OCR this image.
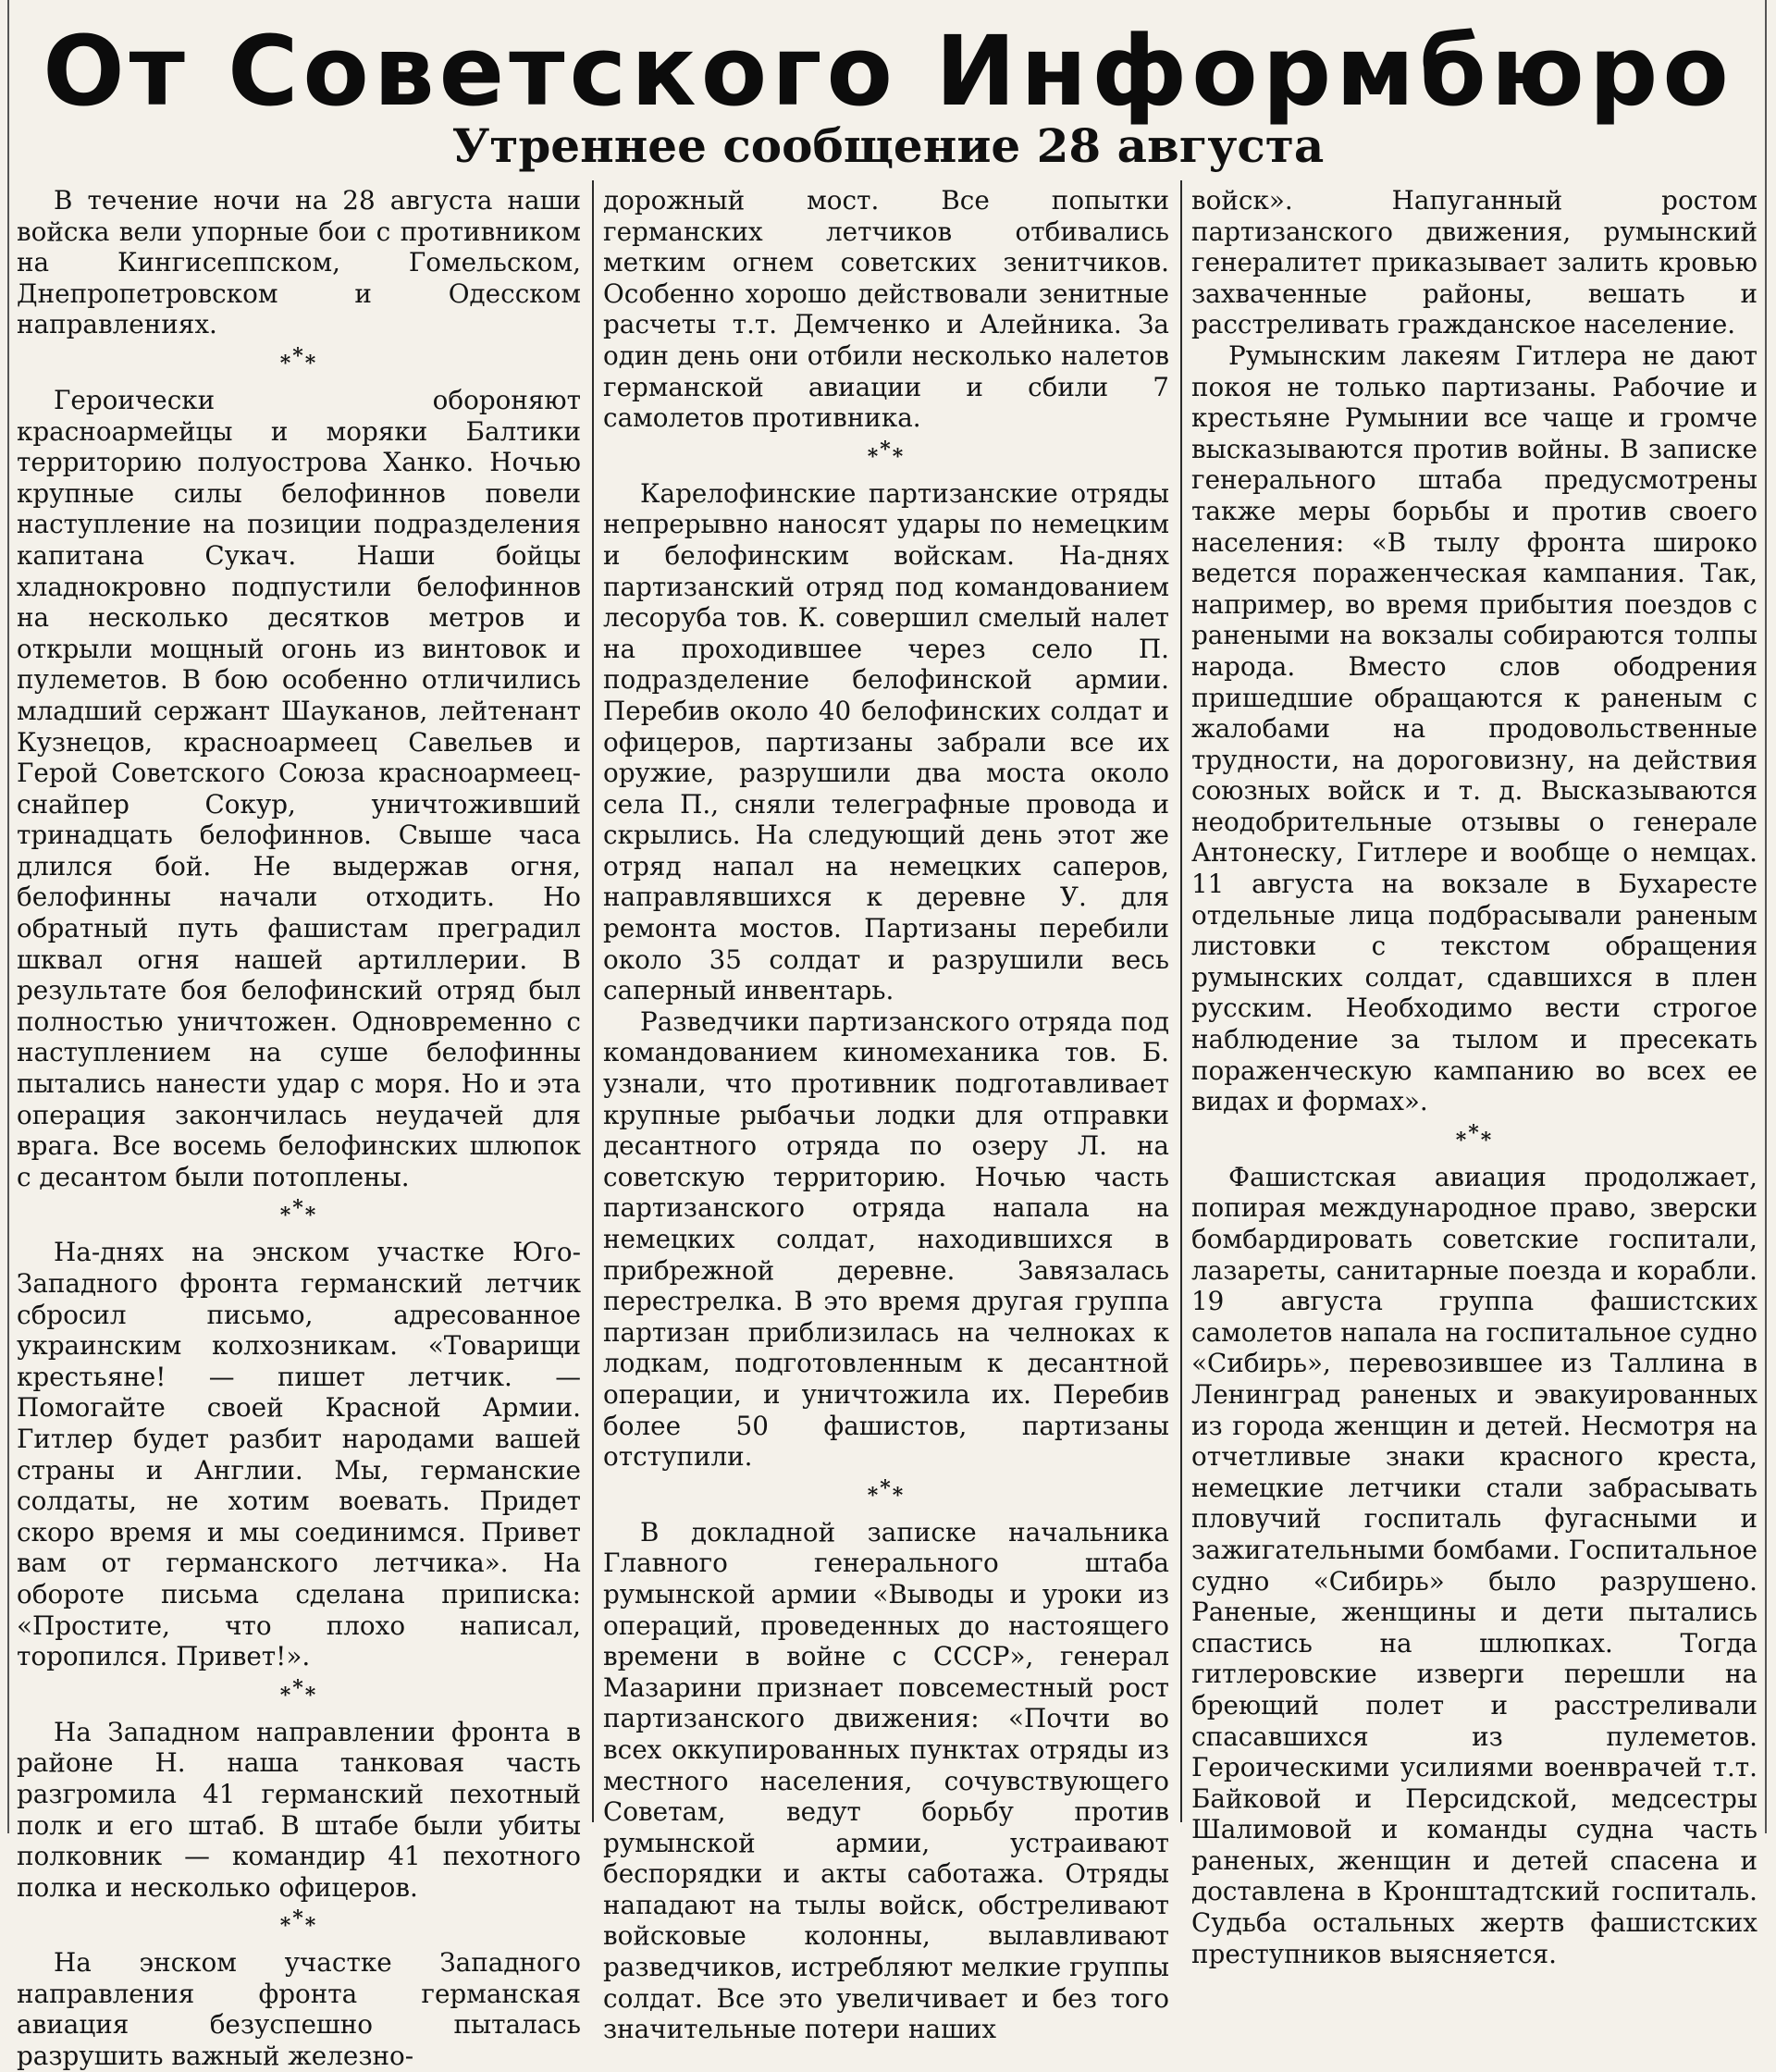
От Советского Информбюро
Утреннее сообщение 28 августа

В течение ночи на 28 августа наши войска вели упорные бои с противником на Кингисеппском, Гомельском, Днепропетровском и Одесском направлениях.

***

Героически обороняют красноармейцы и моряки Балтики территорию полуострова Ханко. Ночью крупные силы белофиннов повели наступление на позиции подразделения капитана Сукач. Наши бойцы хладнокровно подпустили белофиннов на несколько десятков метров и открыли мощный огонь из винтовок и пулеметов. В бою особенно отличились младший сержант Шауканов, лейтенант Кузнецов, красноармеец Савельев и Герой Советского Союза красноармеец-снайпер Сокур, уничтоживший тринадцать белофиннов. Свыше часа длился бой. Не выдержав огня, белофинны начали отходить. Но обратный путь фашистам преградил шквал огня нашей артиллерии. В результате боя белофинский отряд был полностью уничтожен. Одновременно с наступлением на суше белофинны пытались нанести удар с моря. Но и эта операция закончилась неудачей для врага. Все восемь белофинских шлюпок с десантом были потоплены.

***

На-днях на энском участке Юго-Западного фронта германский летчик сбросил письмо, адресованное украинским колхозникам. «Товарищи крестьяне! — пишет летчик. — Помогайте своей Красной Армии. Гитлер будет разбит народами вашей страны и Англии. Мы, германские солдаты, не хотим воевать. Придет скоро время и мы соединимся. Привет вам от германского летчика». На обороте письма сделана приписка: «Простите, что плохо написал, торопился. Привет!».

***

На Западном направлении фронта в районе Н. наша танковая часть разгромила 41 германский пехотный полк и его штаб. В штабе были убиты полковник — командир 41 пехотного полка и несколько офицеров.

***

На энском участке Западного направления фронта германская авиация безуспешно пыталась разрушить важный железно-

дорожный мост. Все попытки германских летчиков отбивались метким огнем советских зенитчиков. Особенно хорошо действовали зенитные расчеты т.т. Демченко и Алейника. За один день они отбили несколько налетов германской авиации и сбили 7 самолетов противника.

***

Карелофинские партизанские отряды непрерывно наносят удары по немецким и белофинским войскам. На-днях партизанский отряд под командованием лесоруба тов. К. совершил смелый налет на проходившее через село П. подразделение белофинской армии. Перебив около 40 белофинских солдат и офицеров, партизаны забрали все их оружие, разрушили два моста около села П., сняли телеграфные провода и скрылись. На следующий день этот же отряд напал на немецких саперов, направлявшихся к деревне У. для ремонта мостов. Партизаны перебили около 35 солдат и разрушили весь саперный инвентарь.

Разведчики партизанского отряда под командованием киномеханика тов. Б. узнали, что противник подготавливает крупные рыбачьи лодки для отправки десантного отряда по озеру Л. на советскую территорию. Ночью часть партизанского отряда напала на немецких солдат, находившихся в прибрежной деревне. Завязалась перестрелка. В это время другая группа партизан приблизилась на челноках к лодкам, подготовленным к десантной операции, и уничтожила их. Перебив более 50 фашистов, партизаны отступили.

***

В докладной записке начальника Главного генерального штаба румынской армии «Выводы и уроки из операций, проведенных до настоящего времени в войне с СССР», генерал Мазарини признает повсеместный рост партизанского движения: «Почти во всех оккупированных пунктах отряды из местного населения, сочувствующего Советам, ведут борьбу против румынской армии, устраивают беспорядки и акты саботажа. Отряды нападают на тылы войск, обстреливают войсковые колонны, вылавливают разведчиков, истребляют мелкие группы солдат. Все это увеличивает и без того значительные потери наших

войск». Напуганный ростом партизанского движения, румынский генералитет приказывает залить кровью захваченные районы, вешать и расстреливать гражданское население.

Румынским лакеям Гитлера не дают покоя не только партизаны. Рабочие и крестьяне Румынии все чаще и громче высказываются против войны. В записке генерального штаба предусмотрены также меры борьбы и против своего населения: «В тылу фронта широко ведется пораженческая кампания. Так, например, во время прибытия поездов с ранеными на вокзалы собираются толпы народа. Вместо слов ободрения пришедшие обращаются к раненым с жалобами на продовольственные трудности, на дороговизну, на действия союзных войск и т. д. Высказываются неодобрительные отзывы о генерале Антонеску, Гитлере и вообще о немцах. 11 августа на вокзале в Бухаресте отдельные лица подбрасывали раненым листовки с текстом обращения румынских солдат, сдавшихся в плен русским. Необходимо вести строгое наблюдение за тылом и пресекать пораженческую кампанию во всех ее видах и формах».

***

Фашистская авиация продолжает, попирая международное право, зверски бомбардировать советские госпитали, лазареты, санитарные поезда и корабли. 19 августа группа фашистских самолетов напала на госпитальное судно «Сибирь», перевозившее из Таллина в Ленинград раненых и эвакуированных из города женщин и детей. Несмотря на отчетливые знаки красного креста, немецкие летчики стали забрасывать пловучий госпиталь фугасными и зажигательными бомбами. Госпитальное судно «Сибирь» было разрушено. Раненые, женщины и дети пытались спастись на шлюпках. Тогда гитлеровские изверги перешли на бреющий полет и расстреливали спасавшихся из пулеметов. Героическими усилиями военврачей т.т. Байковой и Персидской, медсестры Шалимовой и команды судна часть раненых, женщин и детей спасена и доставлена в Кронштадтский госпиталь. Судьба остальных жертв фашистских преступников выясняется.
